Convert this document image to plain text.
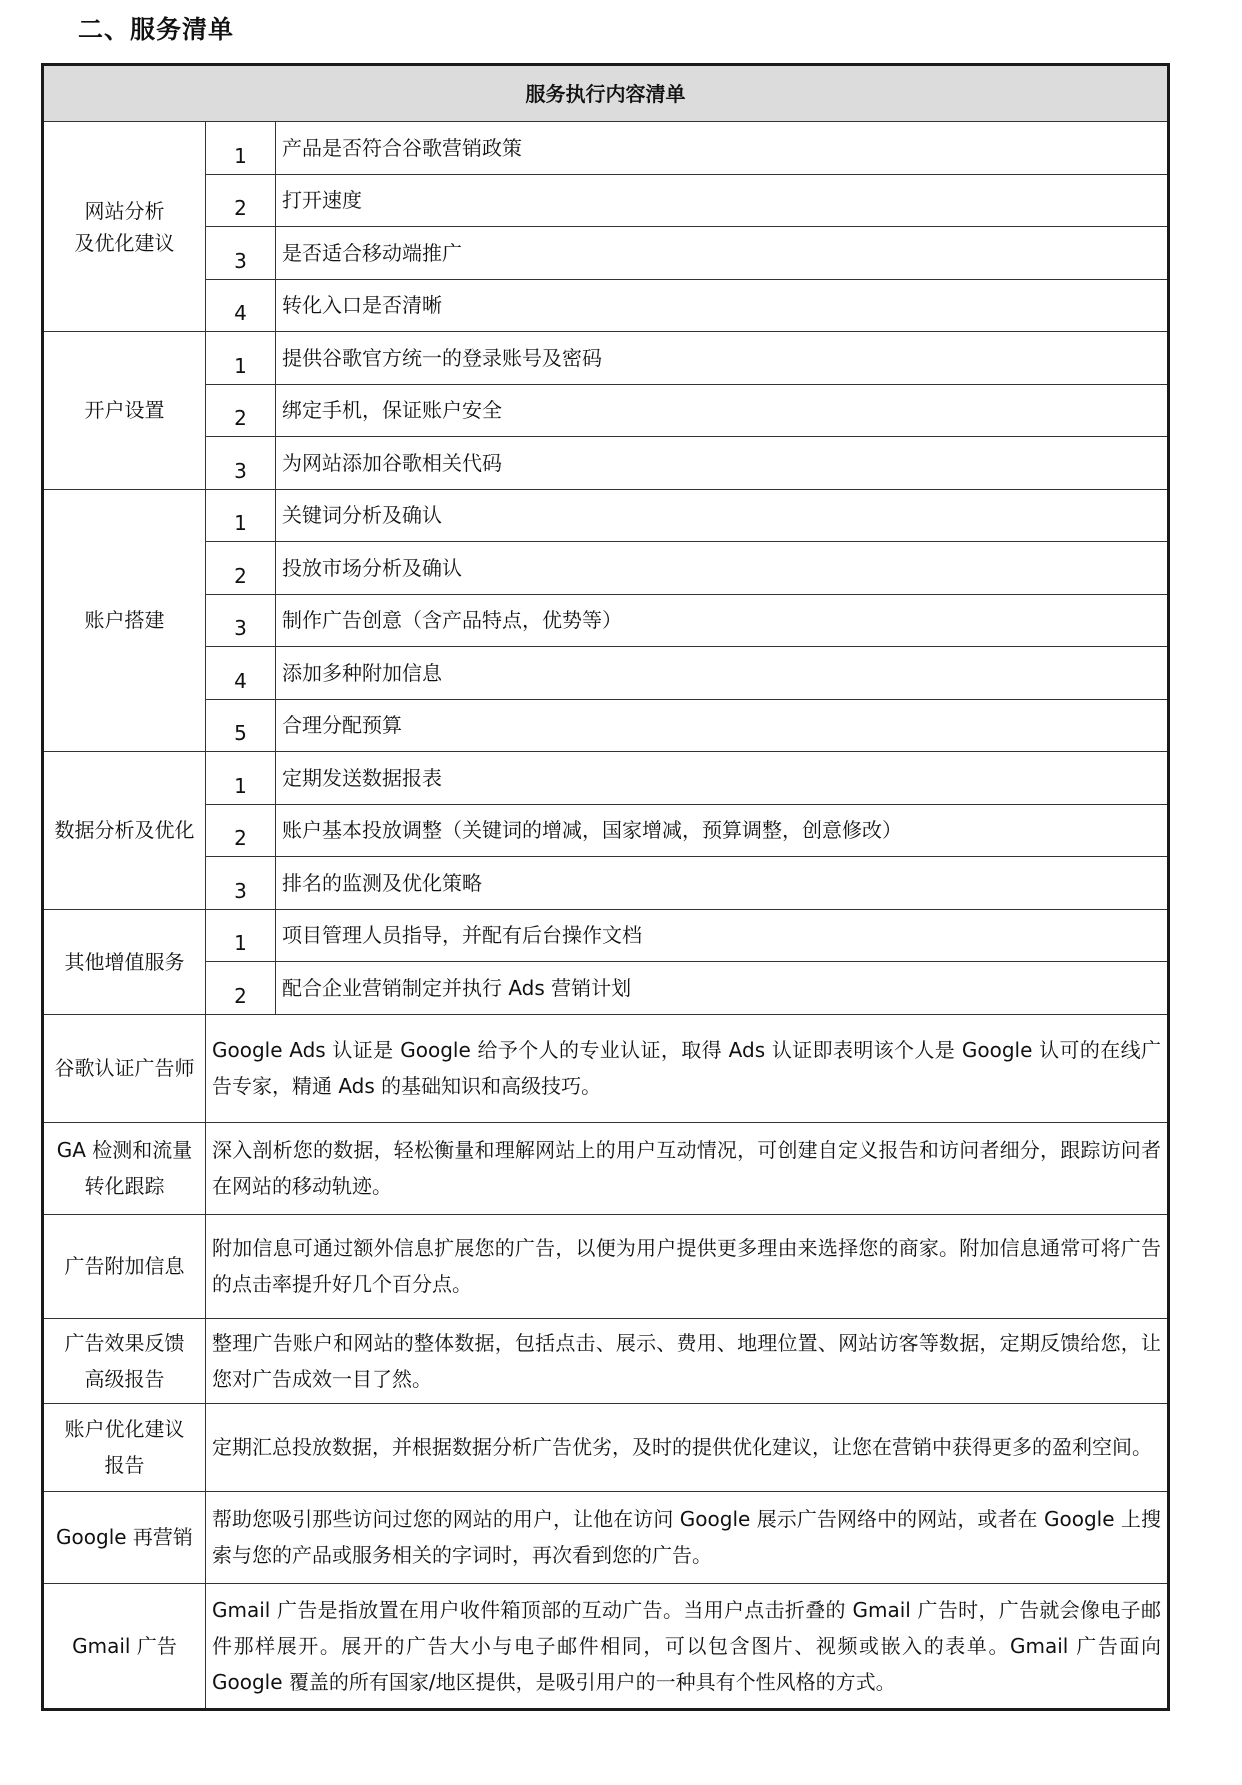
二、服务清单
服务执行内容清单		
网站分析
及优化建议	1	产品是否符合谷歌营销政策
	2	打开速度
	3	是否适合移动端推广
	4	转化入口是否清晰
开户设置	1	提供谷歌官方统一的登录账号及密码
	2	绑定手机，保证账户安全
	3	为网站添加谷歌相关代码
账户搭建	1	关键词分析及确认
	2	投放市场分析及确认
	3	制作广告创意（含产品特点，优势等）
	4	添加多种附加信息
	5	合理分配预算
数据分析及优化	1	定期发送数据报表
	2	账户基本投放调整（关键词的增减，国家增减，预算调整，创意修改）
	3	排名的监测及优化策略
其他增值服务	1	项目管理人员指导，并配有后台操作文档
	2	配合企业营销制定并执行 Ads 营销计划
谷歌认证广告师	Google Ads 认证是 Google 给予个人的专业认证，取得 Ads 认证即表明该个人是 Google 认可的在线广告专家，精通 Ads 的基础知识和高级技巧。	
GA 检测和流量
转化跟踪	深入剖析您的数据，轻松衡量和理解网站上的用户互动情况，可创建自定义报告和访问者细分，跟踪访问者在网站的移动轨迹。	
广告附加信息	附加信息可通过额外信息扩展您的广告，以便为用户提供更多理由来选择您的商家。附加信息通常可将广告的点击率提升好几个百分点。	
广告效果反馈
高级报告	整理广告账户和网站的整体数据，包括点击、展示、费用、地理位置、网站访客等数据，定期反馈给您，让您对广告成效一目了然。	
账户优化建议
报告	定期汇总投放数据，并根据数据分析广告优劣，及时的提供优化建议，让您在营销中获得更多的盈利空间。	
Google 再营销	帮助您吸引那些访问过您的网站的用户，让他在访问 Google 展示广告网络中的网站，或者在 Google 上搜索与您的产品或服务相关的字词时，再次看到您的广告。	
Gmail 广告	Gmail 广告是指放置在用户收件箱顶部的互动广告。当用户点击折叠的 Gmail 广告时，广告就会像电子邮件那样展开。展开的广告大小与电子邮件相同，可以包含图片、视频或嵌入的表单。Gmail 广告面向 Google 覆盖的所有国家/地区提供，是吸引用户的一种具有个性风格的方式。	
